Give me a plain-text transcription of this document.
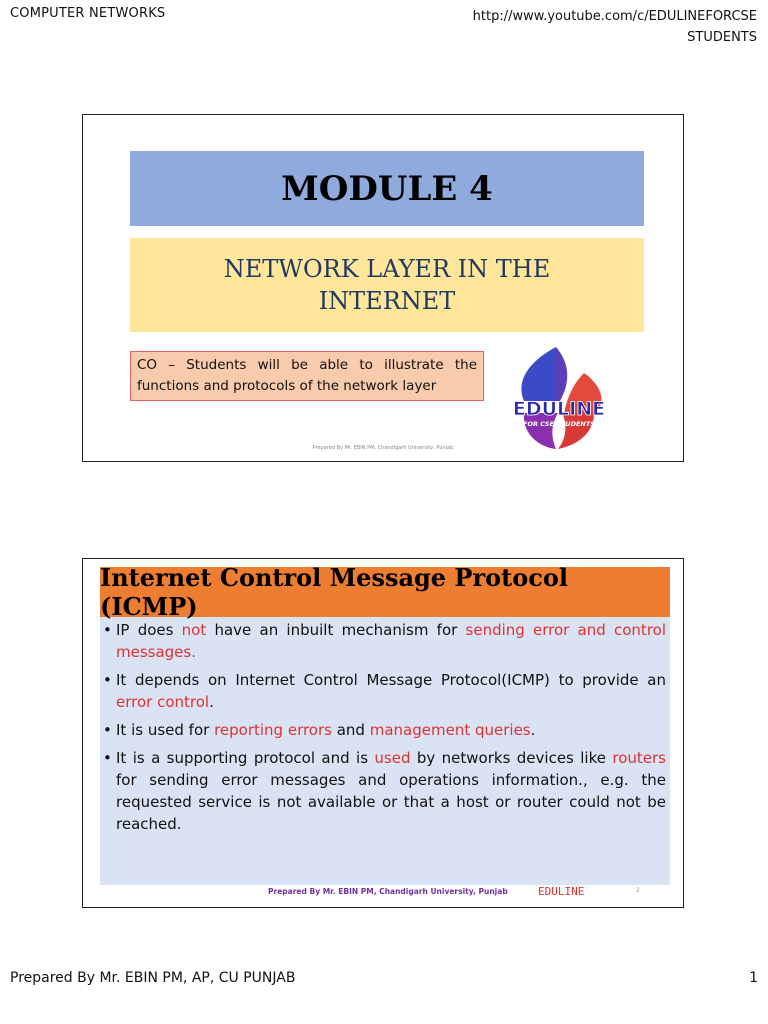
COMPUTER NETWORKS	http://www.youtube.com/c/EDULINEFORCSE
STUDENTS
MODULE 4
NETWORK LAYER IN THE INTERNET
CO – Students will be able to illustrate the functions and protocols of the network layer
EDULINE
FOR CSE STUDENTS
Prepared By Mr. EBIN PM, Chandigarh University, Punjab
Internet Control Message Protocol (ICMP)
• IP does not have an inbuilt mechanism for sending error and control messages.
• It depends on Internet Control Message Protocol(ICMP) to provide an error control.
• It is used for reporting errors and management queries.
• It is a supporting protocol and is used by networks devices like routers for sending error messages and operations information., e.g. the requested service is not available or that a host or router could not be reached.
Prepared By Mr. EBIN PM, Chandigarh University, Punjab	EDULINE	2
Prepared By Mr. EBIN PM, AP, CU PUNJAB	1
